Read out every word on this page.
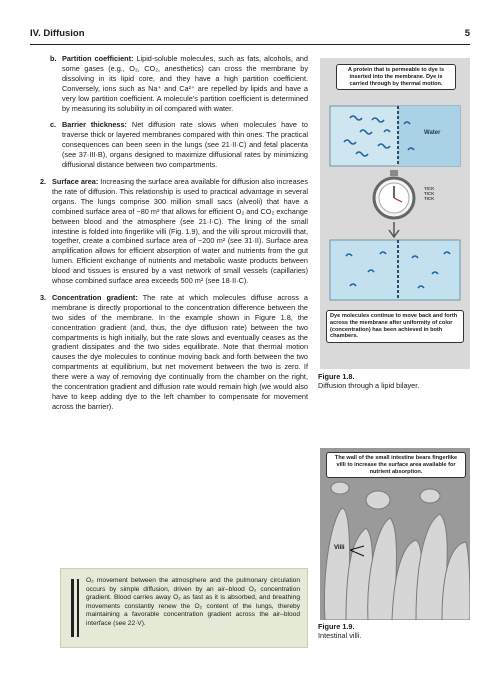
IV. Diffusion	5
b. Partition coefficient: Lipid-soluble molecules, such as fats, alcohols, and some gases (e.g., O₂, CO₂, anesthetics) can cross the membrane by dissolving in its lipid core, and they have a high partition coefficient. Conversely, ions such as Na⁺ and Ca²⁺ are repelled by lipids and have a very low partition coefficient. A molecule's partition coefficient is determined by measuring its solubility in oil compared with water.
c. Barrier thickness: Net diffusion rate slows when molecules have to traverse thick or layered membranes compared with thin ones. The practical consequences can been seen in the lungs (see 21·II·C) and fetal placenta (see 37·III·B), organs designed to maximize diffusional rates by minimizing diffusional distance between two compartments.
2. Surface area: Increasing the surface area available for diffusion also increases the rate of diffusion. This relationship is used to practical advantage in several organs. The lungs comprise 300 million small sacs (alveoli) that have a combined surface area of ~80 m² that allows for efficient O₂ and CO₂ exchange between blood and the atmosphere (see 21·I·C). The lining of the small intestine is folded into fingerlike villi (Fig. 1.9), and the villi sprout microvilli that, together, create a combined surface area of ~200 m² (see 31·II). Surface area amplification allows for efficient absorption of water and nutrients from the gut lumen. Efficient exchange of nutrients and metabolic waste products between blood and tissues is ensured by a vast network of small vessels (capillaries) whose combined surface area exceeds 500 m² (see 18·II·C).
3. Concentration gradient: The rate at which molecules diffuse across a membrane is directly proportional to the concentration difference between the two sides of the membrane. In the example shown in Figure 1.8, the concentration gradient (and, thus, the dye diffusion rate) between the two compartments is high initially, but the rate slows and eventually ceases as the gradient dissipates and the two sides equilibrate. Note that thermal motion causes the dye molecules to continue moving back and forth between the two compartments at equilibrium, but net movement between the two is zero. If there were a way of removing dye continually from the chamber on the right, the concentration gradient and diffusion rate would remain high (we would also have to keep adding dye to the left chamber to compensate for movement across the barrier).
O₂ movement between the atmosphere and the pulmonary circulation occurs by simple diffusion, driven by an air–blood O₂ concentration gradient. Blood carries away O₂ as fast as it is absorbed, and breathing movements constantly renew the O₂ content of the lungs, thereby maintaining a favorable concentration gradient across the air–blood interface (see 22·V).
A protein that is permeable to dye is inserted into the membrane. Dye is carried through by thermal motion.
Water
TICK TICK TICK
Dye molecules continue to move back and forth across the membrane after uniformity of color (concentration) has been achieved in both chambers.
Figure 1.8.
Diffusion through a lipid bilayer.
The wall of the small intestine bears fingerlike villi to increase the surface area available for nutrient absorption.
Villi
Figure 1.9.
Intestinal villi.
